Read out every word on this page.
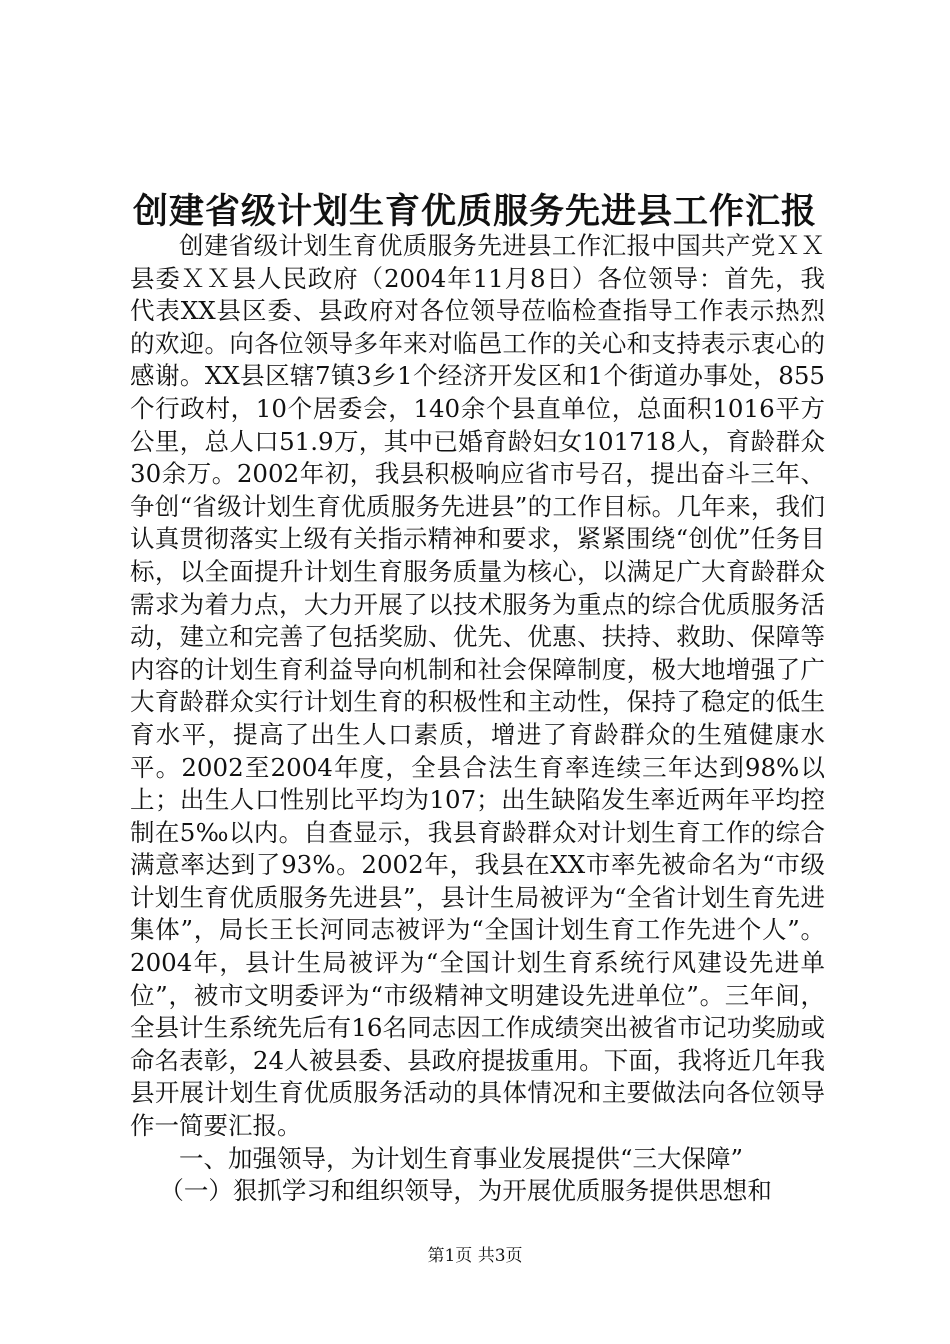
创建省级计划生育优质服务先进县工作汇报

创建省级计划生育优质服务先进县工作汇报中国共产党ＸＸ县委ＸＸ县人民政府（2004年11月8日）各位领导：首先，我代表XX县区委、县政府对各位领导莅临检查指导工作表示热烈的欢迎。向各位领导多年来对临邑工作的关心和支持表示衷心的感谢。XX县区辖7镇3乡1个经济开发区和1个街道办事处，855个行政村，10个居委会，140余个县直单位，总面积1016平方公里，总人口51.9万，其中已婚育龄妇女101718人，育龄群众30余万。2002年初，我县积极响应省市号召，提出奋斗三年、争创“省级计划生育优质服务先进县”的工作目标。几年来，我们认真贯彻落实上级有关指示精神和要求，紧紧围绕“创优”任务目标，以全面提升计划生育服务质量为核心，以满足广大育龄群众需求为着力点，大力开展了以技术服务为重点的综合优质服务活动，建立和完善了包括奖励、优先、优惠、扶持、救助、保障等内容的计划生育利益导向机制和社会保障制度，极大地增强了广大育龄群众实行计划生育的积极性和主动性，保持了稳定的低生育水平，提高了出生人口素质，增进了育龄群众的生殖健康水平。2002至2004年度，全县合法生育率连续三年达到98%以上；出生人口性别比平均为107；出生缺陷发生率近两年平均控制在5‰以内。自查显示，我县育龄群众对计划生育工作的综合满意率达到了93%。2002年，我县在XX市率先被命名为“市级计划生育优质服务先进县”，县计生局被评为“全省计划生育先进集体”，局长王长河同志被评为“全国计划生育工作先进个人”。2004年，县计生局被评为“全国计划生育系统行风建设先进单位”，被市文明委评为“市级精神文明建设先进单位”。三年间，全县计生系统先后有16名同志因工作成绩突出被省市记功奖励或命名表彰，24人被县委、县政府提拔重用。下面，我将近几年我县开展计划生育优质服务活动的具体情况和主要做法向各位领导作一简要汇报。

一、加强领导，为计划生育事业发展提供“三大保障”

（一）狠抓学习和组织领导，为开展优质服务提供思想和

第1页 共3页
